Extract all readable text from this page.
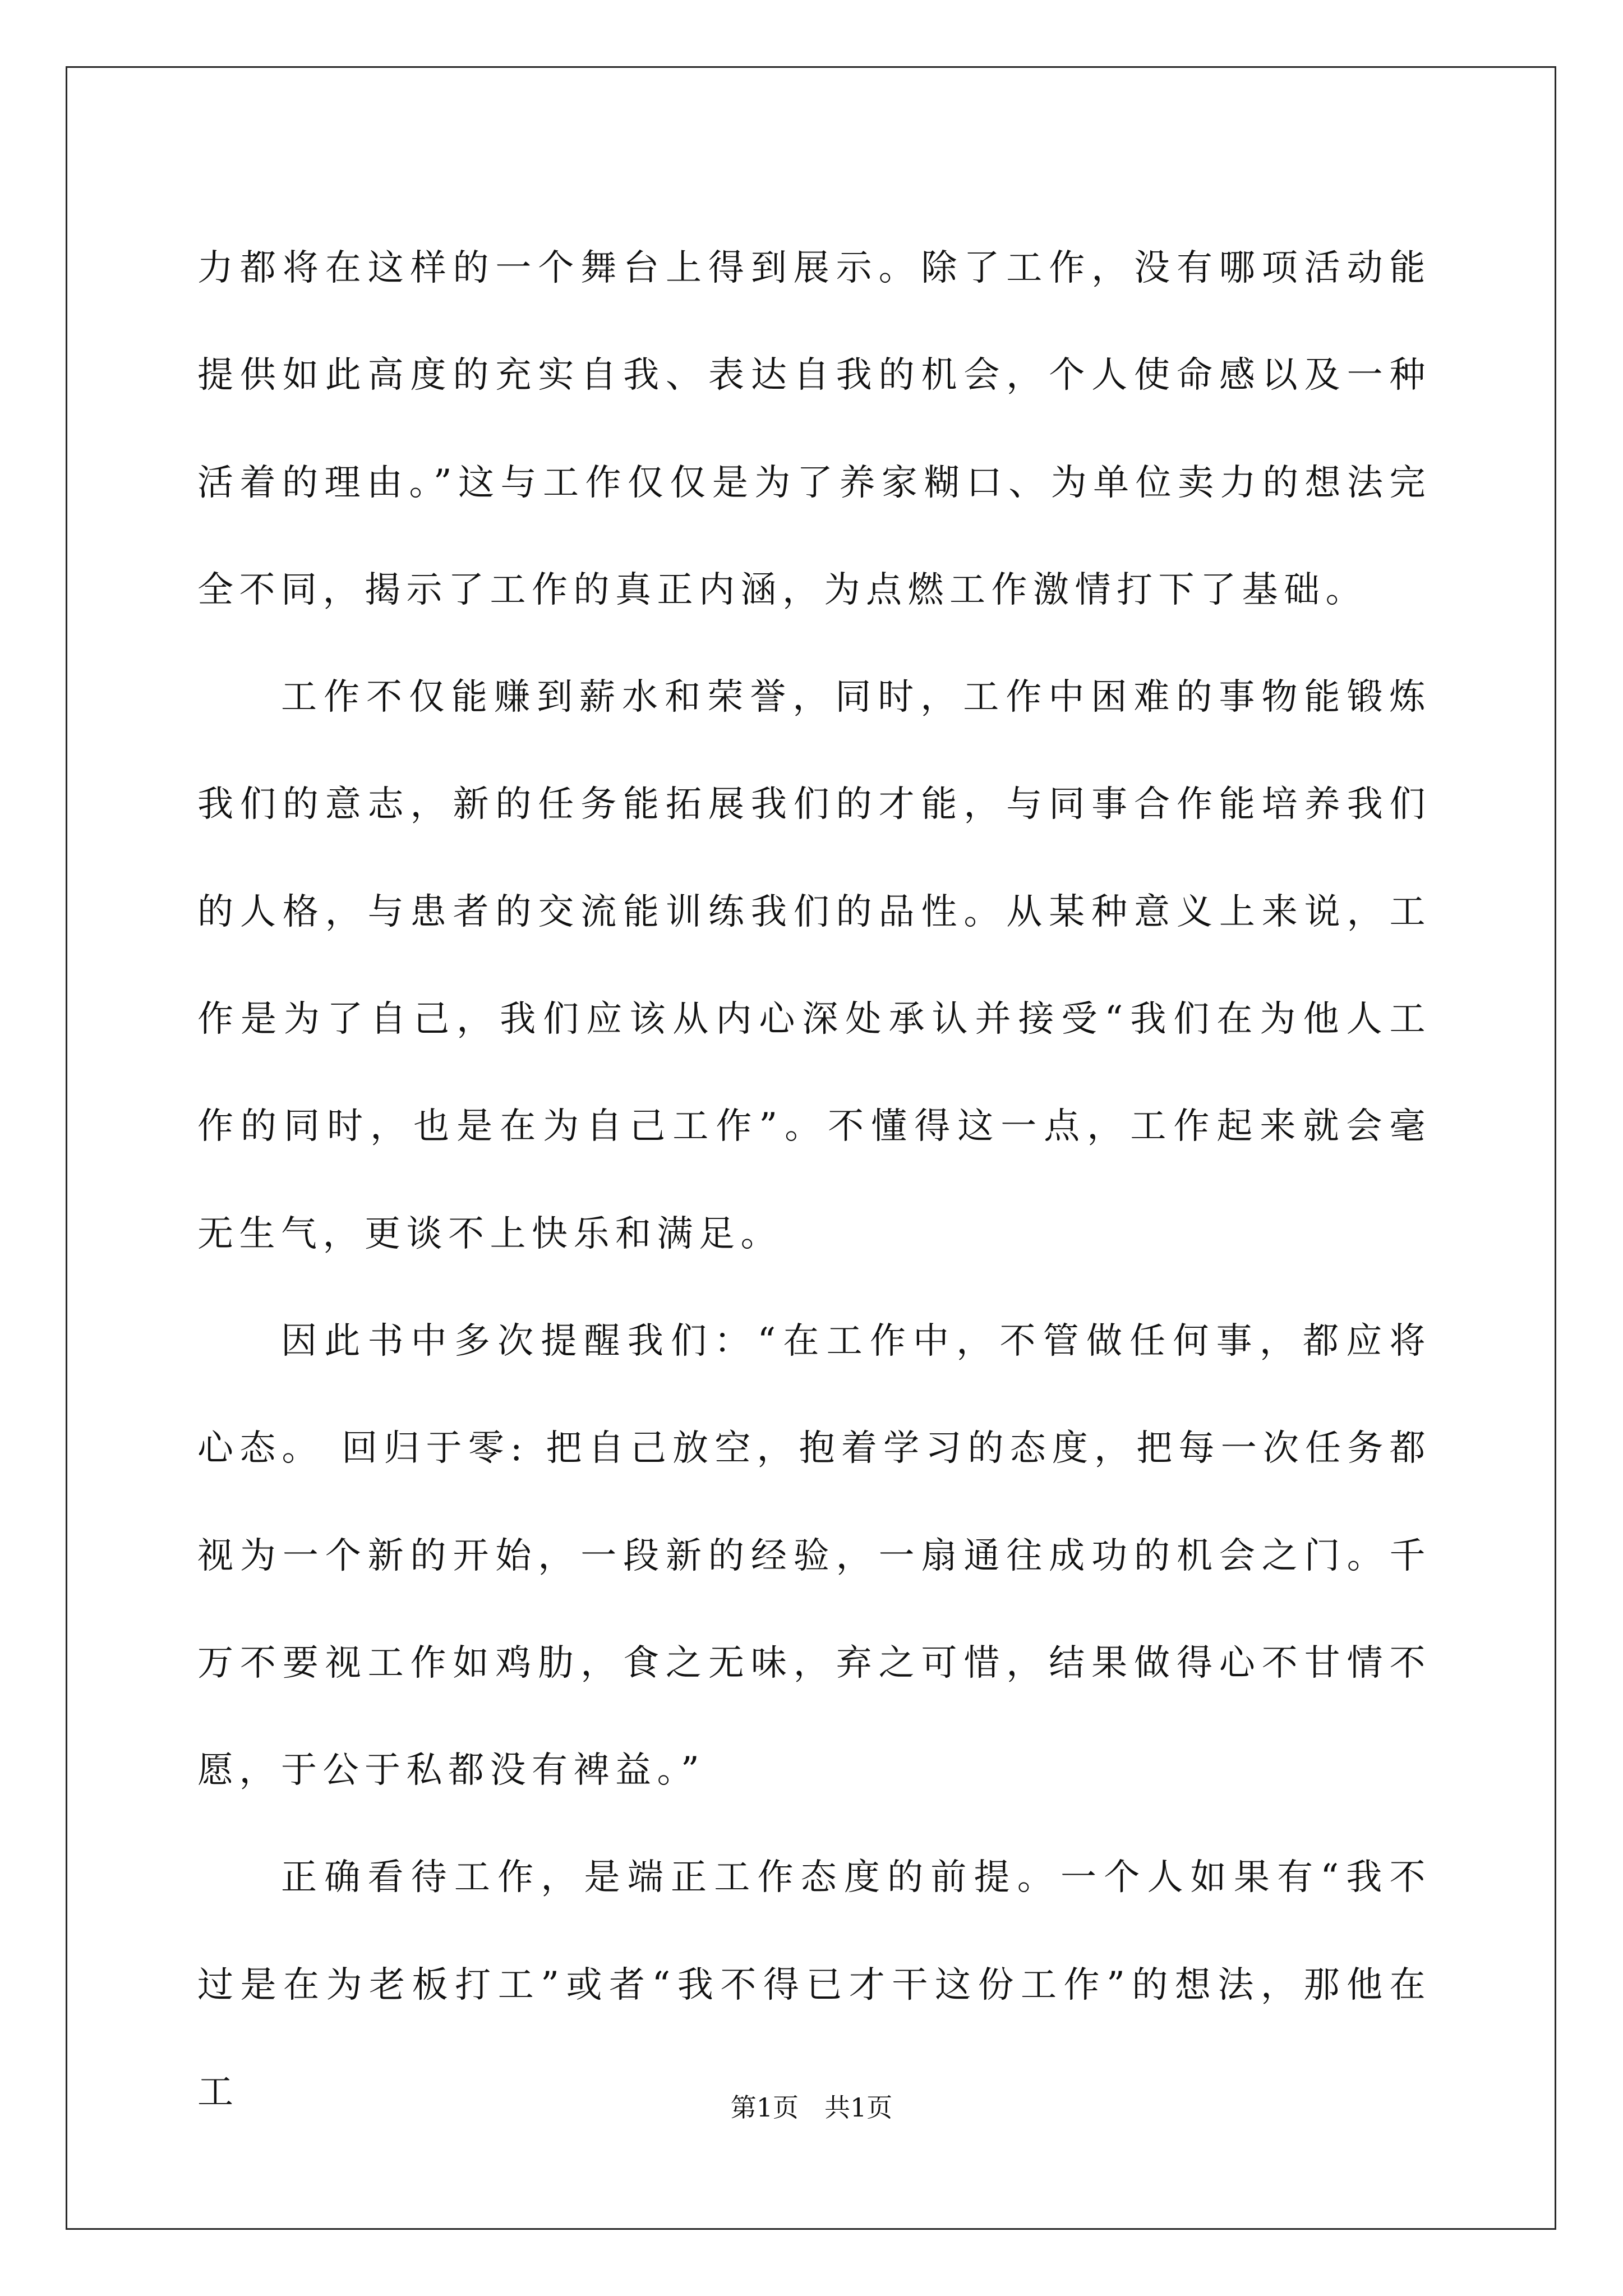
力都将在这样的一个舞台上得到展示。除了工作，没有哪项活动能提供如此高度的充实自我、表达自我的机会，个人使命感以及一种活着的理由。”这与工作仅仅是为了养家糊口、为单位卖力的想法完全不同，揭示了工作的真正内涵，为点燃工作激情打下了基础。

工作不仅能赚到薪水和荣誉，同时，工作中困难的事物能锻炼我们的意志，新的任务能拓展我们的才能，与同事合作能培养我们的人格，与患者的交流能训练我们的品性。从某种意义上来说，工作是为了自己，我们应该从内心深处承认并接受“我们在为他人工作的同时，也是在为自己工作”。不懂得这一点，工作起来就会毫无生气，更谈不上快乐和满足。

因此书中多次提醒我们：“在工作中，不管做任何事，都应将心态。 回归于零: 把自己放空，抱着学习的态度，把每一次任务都视为一个新的开始，一段新的经验，一扇通往成功的机会之门。千万不要视工作如鸡肋，食之无味，弃之可惜，结果做得心不甘情不愿，于公于私都没有裨益。”

正确看待工作，是端正工作态度的前提。一个人如果有“我不过是在为老板打工”或者“我不得已才干这份工作”的想法，那他在工	第1页　共1页
